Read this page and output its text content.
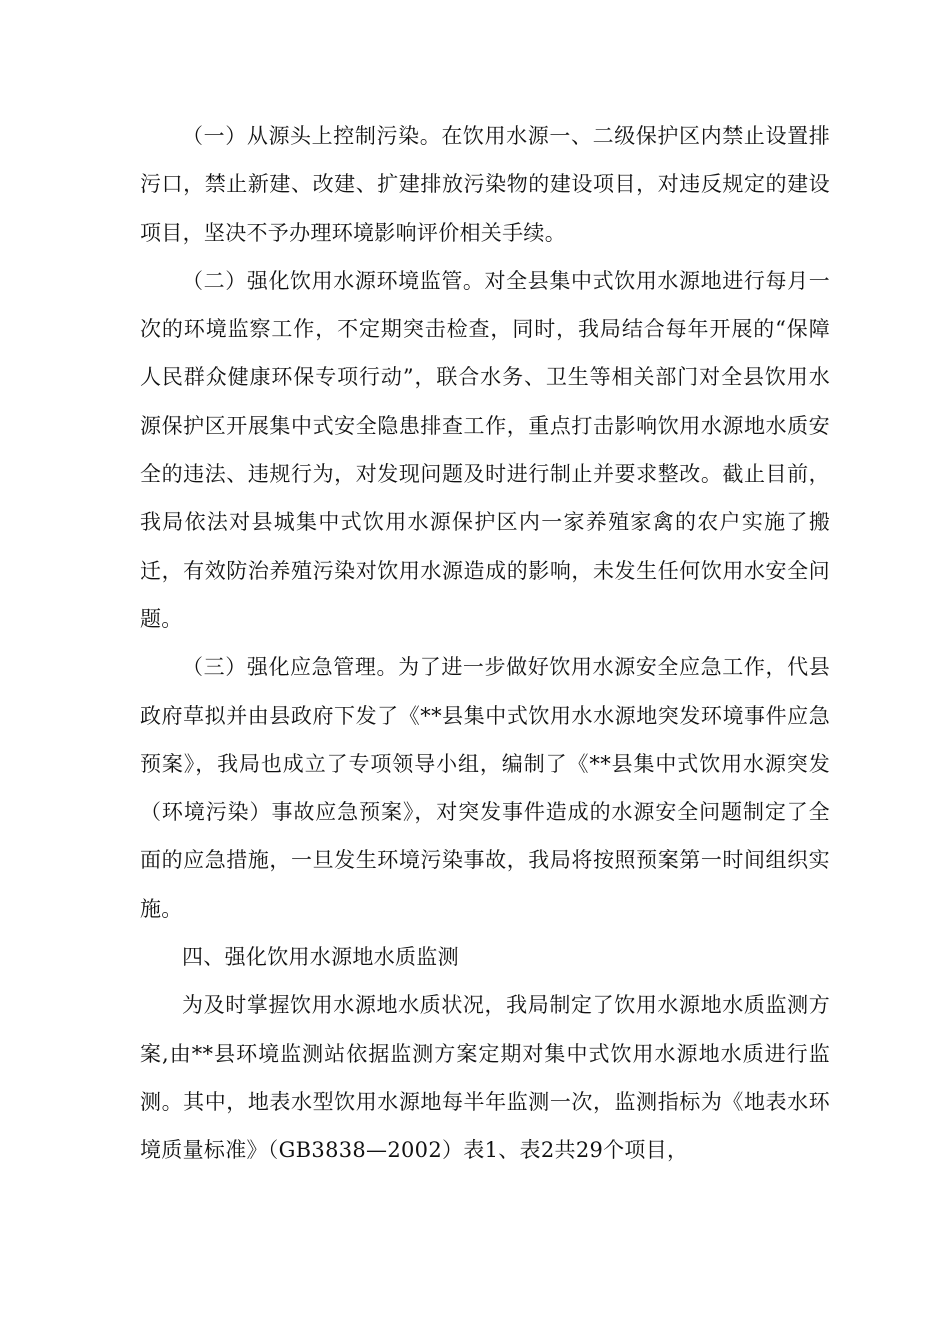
（一）从源头上控制污染。在饮用水源一、二级保护区内禁止设置排污口，禁止新建、改建、扩建排放污染物的建设项目，对违反规定的建设项目，坚决不予办理环境影响评价相关手续。

（二）强化饮用水源环境监管。对全县集中式饮用水源地进行每月一次的环境监察工作，不定期突击检查，同时，我局结合每年开展的“保障人民群众健康环保专项行动”，联合水务、卫生等相关部门对全县饮用水源保护区开展集中式安全隐患排查工作，重点打击影响饮用水源地水质安全的违法、违规行为，对发现问题及时进行制止并要求整改。截止目前，我局依法对县城集中式饮用水源保护区内一家养殖家禽的农户实施了搬迁，有效防治养殖污染对饮用水源造成的影响，未发生任何饮用水安全问题。

（三）强化应急管理。为了进一步做好饮用水源安全应急工作，代县政府草拟并由县政府下发了《**县集中式饮用水水源地突发环境事件应急预案》，我局也成立了专项领导小组，编制了《**县集中式饮用水源突发（环境污染）事故应急预案》，对突发事件造成的水源安全问题制定了全面的应急措施，一旦发生环境污染事故，我局将按照预案第一时间组织实施。

四、强化饮用水源地水质监测

为及时掌握饮用水源地水质状况，我局制定了饮用水源地水质监测方案,由**县环境监测站依据监测方案定期对集中式饮用水源地水质进行监测。其中，地表水型饮用水源地每半年监测一次，监测指标为《地表水环境质量标准》（GB3838—2002）表1、表2共29个项目，
